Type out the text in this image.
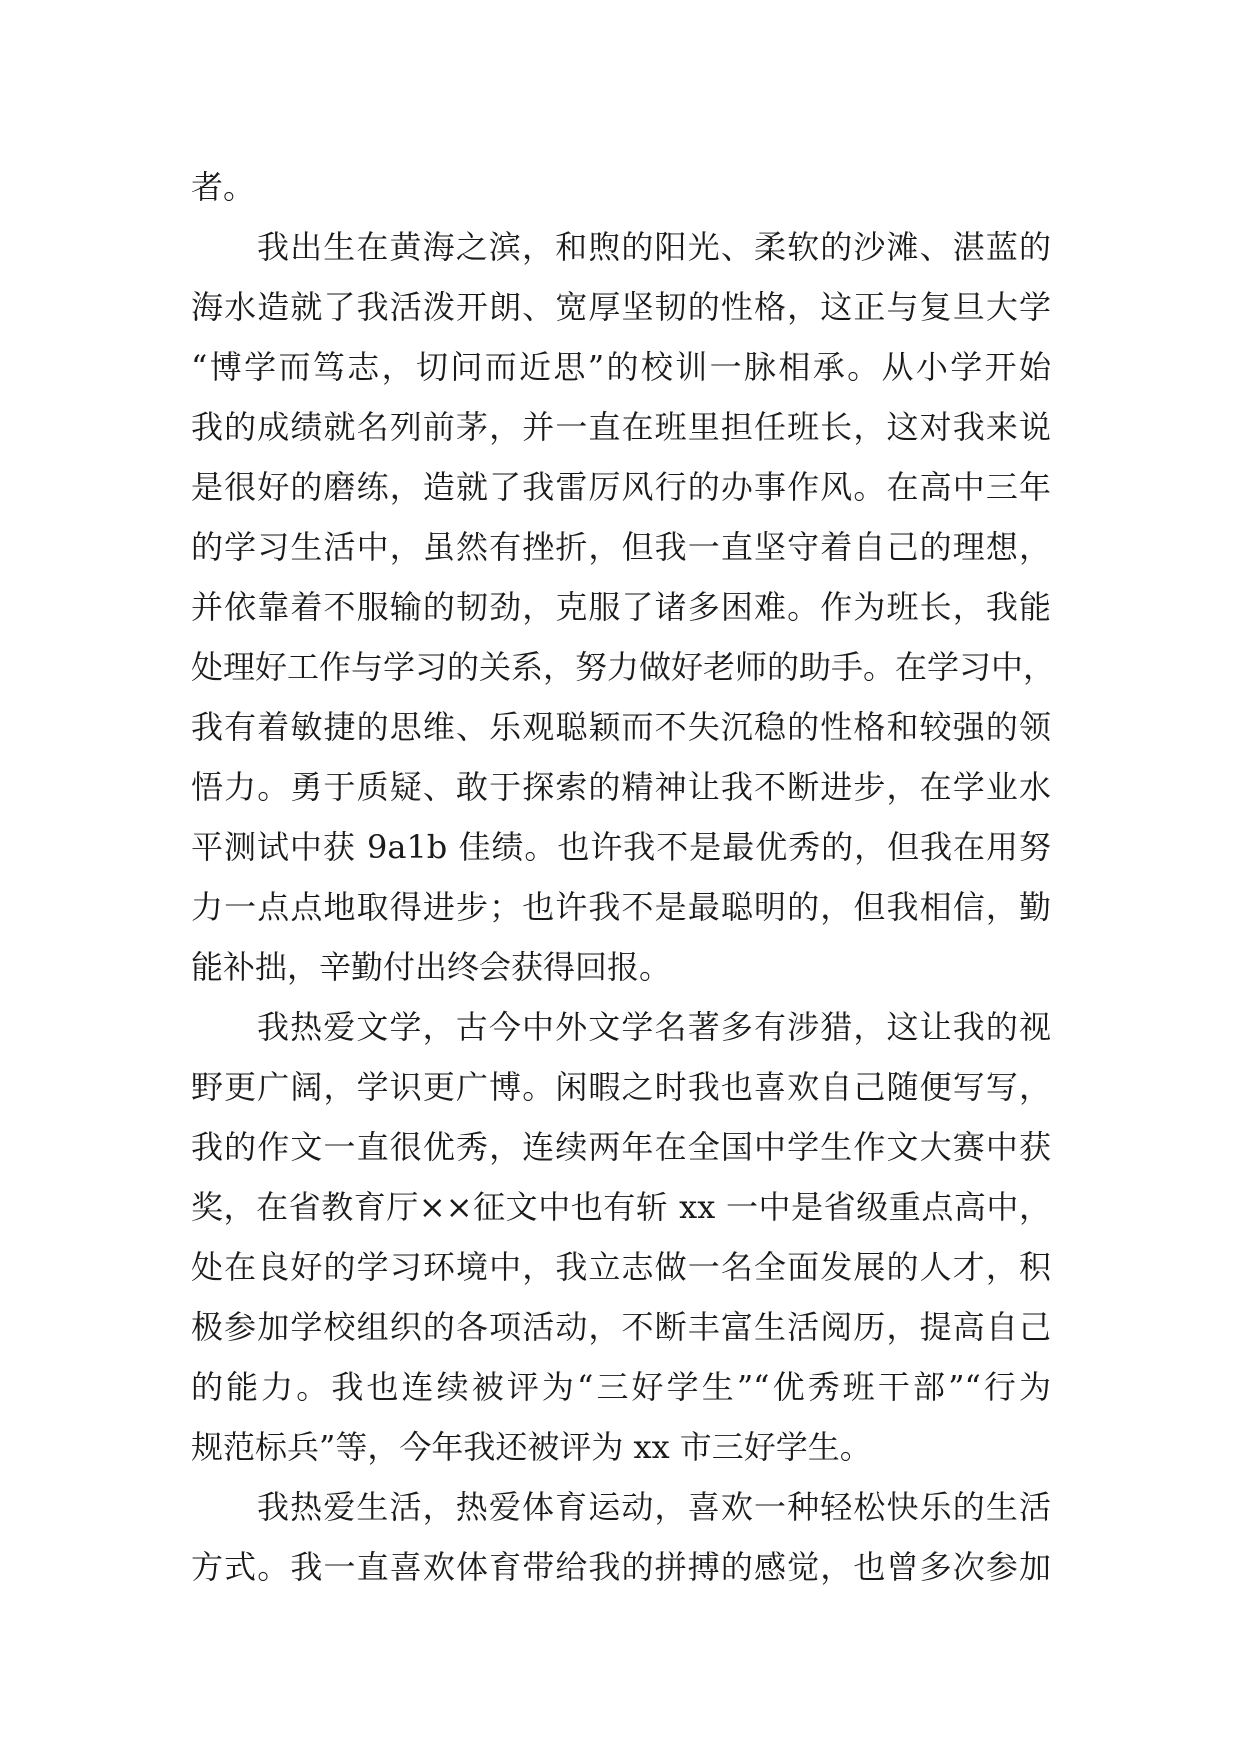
者。
我出生在黄海之滨，和煦的阳光、柔软的沙滩、湛蓝的
海水造就了我活泼开朗、宽厚坚韧的性格，这正与复旦大学
“博学而笃志，切问而近思”的校训一脉相承。从小学开始
我的成绩就名列前茅，并一直在班里担任班长，这对我来说
是很好的磨练，造就了我雷厉风行的办事作风。在高中三年
的学习生活中，虽然有挫折，但我一直坚守着自己的理想，
并依靠着不服输的韧劲，克服了诸多困难。作为班长，我能
处理好工作与学习的关系，努力做好老师的助手。在学习中，
我有着敏捷的思维、乐观聪颖而不失沉稳的性格和较强的领
悟力。勇于质疑、敢于探索的精神让我不断进步，在学业水
平测试中获 9a1b 佳绩。也许我不是最优秀的，但我在用努
力一点点地取得进步；也许我不是最聪明的，但我相信，勤
能补拙，辛勤付出终会获得回报。
我热爱文学，古今中外文学名著多有涉猎，这让我的视
野更广阔，学识更广博。闲暇之时我也喜欢自己随便写写，
我的作文一直很优秀，连续两年在全国中学生作文大赛中获
奖，在省教育厅××征文中也有斩 xx 一中是省级重点高中，
处在良好的学习环境中，我立志做一名全面发展的人才，积
极参加学校组织的各项活动，不断丰富生活阅历，提高自己
的能力。我也连续被评为“三好学生”“优秀班干部”“行为
规范标兵”等，今年我还被评为 xx 市三好学生。
我热爱生活，热爱体育运动，喜欢一种轻松快乐的生活
方式。我一直喜欢体育带给我的拼搏的感觉，也曾多次参加
